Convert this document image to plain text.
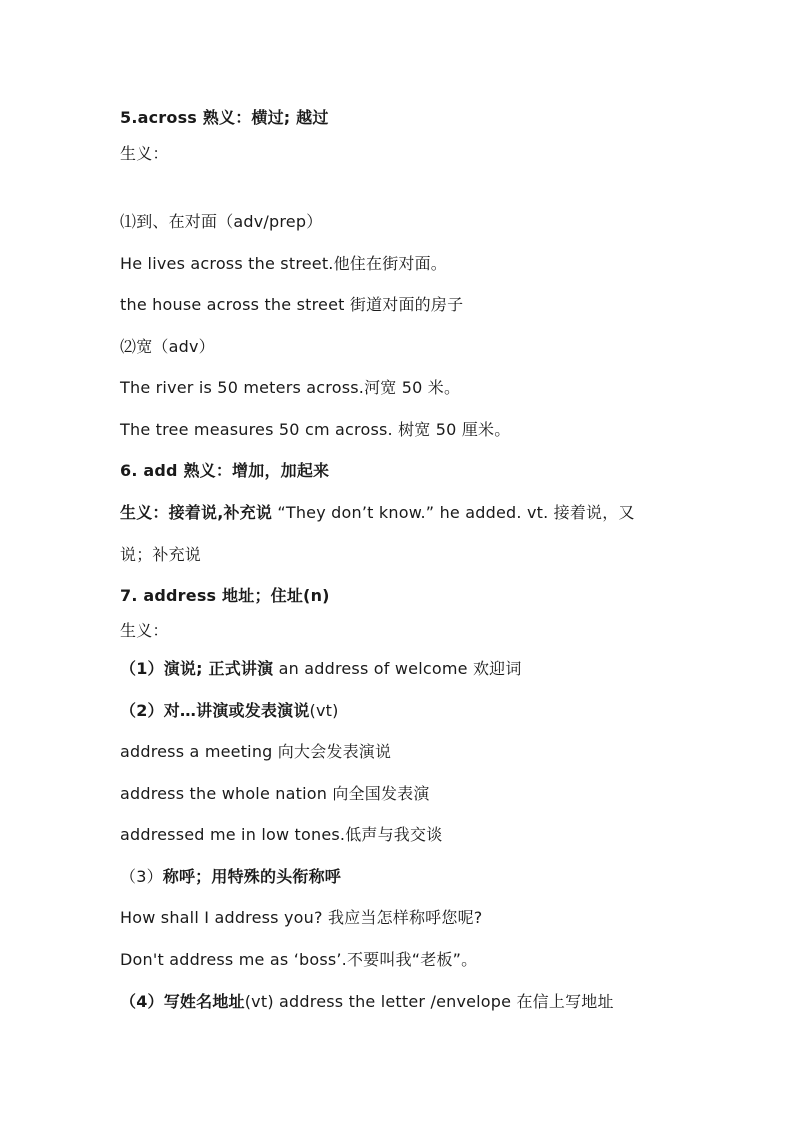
5.across 熟义：横过; 越过
生义：
⑴到、在对面（adv/prep）
He lives across the street.他住在街对面。
the house across the street 街道对面的房子
⑵宽（adv）
The river is 50 meters across.河宽 50 米。
The tree measures 50 cm across. 树宽 50 厘米。
6. add 熟义：增加，加起来
生义：接着说,补充说 “They don’t know.” he added. vt. 接着说，又
说；补充说
7. address 地址；住址(n)
生义：
（1）演说; 正式讲演 an address of welcome 欢迎词
（2）对…讲演或发表演说(vt)
address a meeting 向大会发表演说
address the whole nation 向全国发表演
addressed me in low tones.低声与我交谈
（3）称呼；用特殊的头衔称呼
How shall I address you? 我应当怎样称呼您呢?
Don't address me as ‘boss’.不要叫我“老板”。
（4）写姓名地址(vt) address the letter /envelope 在信上写地址
